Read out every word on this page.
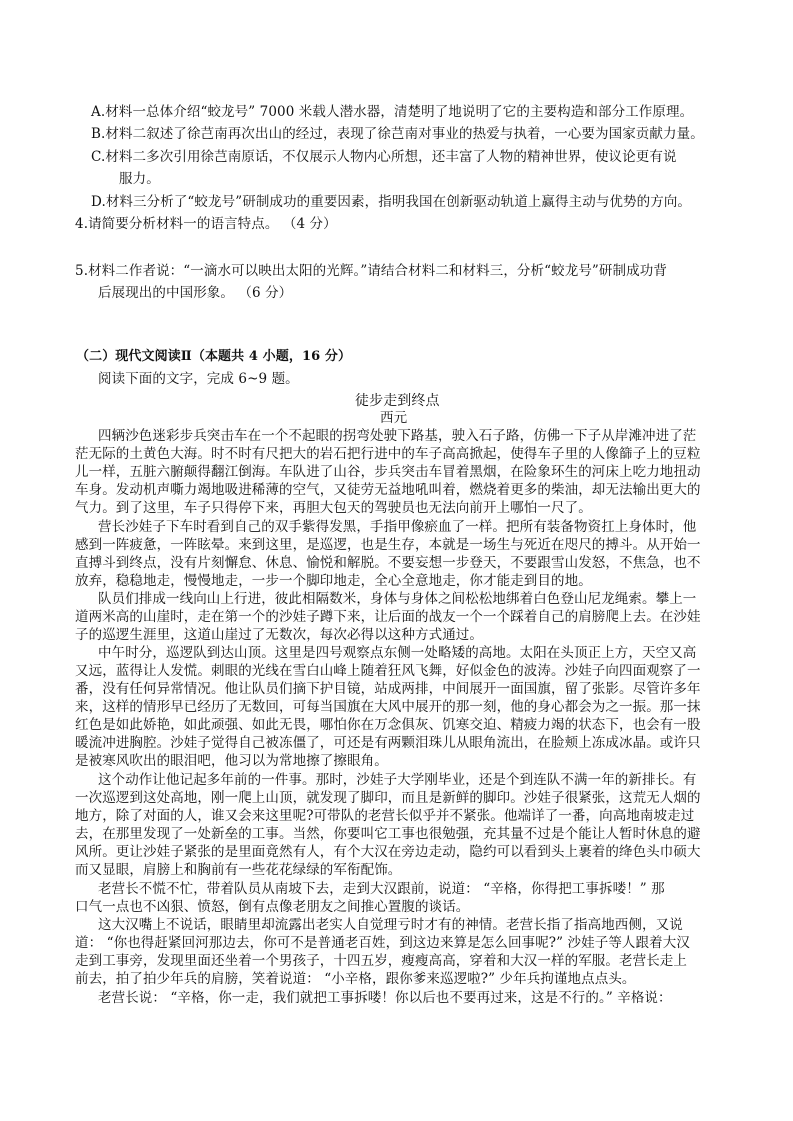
A.材料一总体介绍“蛟龙号” 7000 米载人潜水器，清楚明了地说明了它的主要构造和部分工作原理。
B.材料二叙述了徐芑南再次出山的经过，表现了徐芑南对事业的热爱与执着，一心要为国家贡献力量。
C.材料二多次引用徐芑南原话，不仅展示人物内心所想，还丰富了人物的精神世界，使议论更有说
服力。
D.材料三分析了“蛟龙号”研制成功的重要因素，指明我国在创新驱动轨道上赢得主动与优势的方向。
4.请简要分析材料一的语言特点。 （4 分）
5.材料二作者说：“一滴水可以映出太阳的光辉。”请结合材料二和材料三，分析“蛟龙号”研制成功背
后展现出的中国形象。 （6 分）
（二）现代文阅读Ⅱ（本题共 4 小题，16 分）
阅读下面的文字，完成 6~9 题。
徒步走到终点
西元
四辆沙色迷彩步兵突击车在一个不起眼的拐弯处驶下路基，驶入石子路，仿佛一下子从岸滩冲进了茫
茫无际的土黄色大海。时不时有尺把大的岩石把行进中的车子高高掀起，使得车子里的人像篩子上的豆粒
儿一样，五脏六腑颠得翻江倒海。车队进了山谷，步兵突击车冒着黑烟，在险象环生的河床上吃力地扭动
车身。发动机声嘶力竭地吸进稀薄的空气，又徒劳无益地吼叫着，燃烧着更多的柴油，却无法输出更大的
气力。到了这里，车子只得停下来，再胆大包天的驾驶员也无法向前开上哪怕一尺了。
营长沙娃子下车时看到自己的双手紫得发黑，手指甲像瘀血了一样。把所有装备物资扛上身体时，他
感到一阵疲惫，一阵眩晕。来到这里，是巡逻，也是生存，本就是一场生与死近在咫尺的搏斗。从开始一
直搏斗到终点，没有片刻懈怠、休息、愉悦和解脱。不要妄想一步登天，不要跟雪山发怒，不焦急，也不
放弃，稳稳地走，慢慢地走，一步一个脚印地走，全心全意地走，你才能走到目的地。
队员们排成一线向山上行进，彼此相隔数米，身体与身体之间松松地绑着白色登山尼龙绳索。攀上一
道两米高的山崖时，走在第一个的沙娃子蹲下来，让后面的战友一个一个踩着自己的肩膀爬上去。在沙娃
子的巡逻生涯里，这道山崖过了无数次，每次必得以这种方式通过。
中午时分，巡逻队到达山顶。这里是四号观察点东侧一处略矮的高地。太阳在头顶正上方，天空又高
又远，蓝得让人发慌。刺眼的光线在雪白山峰上随着狂风飞舞，好似金色的波涛。沙娃子向四面观察了一
番，没有任何异常情况。他让队员们摘下护目镜，站成两排，中间展开一面国旗，留了张影。尽管许多年
来，这样的情形早已经历了无数回，可每当国旗在大风中展开的那一刻，他的身心都会为之一振。那一抹
红色是如此娇艳，如此顽强、如此无畏，哪怕你在万念俱灰、饥寒交迫、精疲力竭的状态下，也会有一股
暖流冲进胸腔。沙娃子觉得自己被冻僵了，可还是有两颗泪珠儿从眼角流出，在脸颊上冻成冰晶。或许只
是被寒风吹出的眼泪吧，他习以为常地擦了擦眼角。
这个动作让他记起多年前的一件事。那时，沙娃子大学刚毕业，还是个到连队不满一年的新排长。有
一次巡逻到这处高地，刚一爬上山顶，就发现了脚印，而且是新鲜的脚印。沙娃子很紧张，这荒无人烟的
地方，除了对面的人，谁又会来这里呢?可带队的老营长似乎并不紧张。他端详了一番，向高地南坡走过
去，在那里发现了一处新垒的工事。当然，你要叫它工事也很勉强，充其量不过是个能让人暂时休息的避
风所。更让沙娃子紧张的是里面竟然有人，有个大汉在旁边走动，隐约可以看到头上裹着的绛色头巾硕大
而又显眼，肩膀上和胸前有一些花花绿绿的军衔配饰。
老营长不慌不忙，带着队员从南坡下去，走到大汉跟前，说道： “辛格，你得把工事拆喽！” 那
口气一点也不凶狠、愤怒，倒有点像老朋友之间推心置腹的谈话。
这大汉嘴上不说话，眼睛里却流露出老实人自觉理亏时才有的神情。老营长指了指高地西侧，又说
道： “你也得赶紧回河那边去，你可不是普通老百姓，到这边来算是怎么回事呢?” 沙娃子等人跟着大汉
走到工事旁，发现里面还坐着一个男孩子，十四五岁，瘦瘦高高，穿着和大汉一样的军服。老营长走上
前去，拍了拍少年兵的肩膀，笑着说道： “小辛格，跟你爹来巡逻啦?” 少年兵拘谨地点点头。
老营长说： “辛格，你一走，我们就把工事拆喽！你以后也不要再过来，这是不行的。” 辛格说：
